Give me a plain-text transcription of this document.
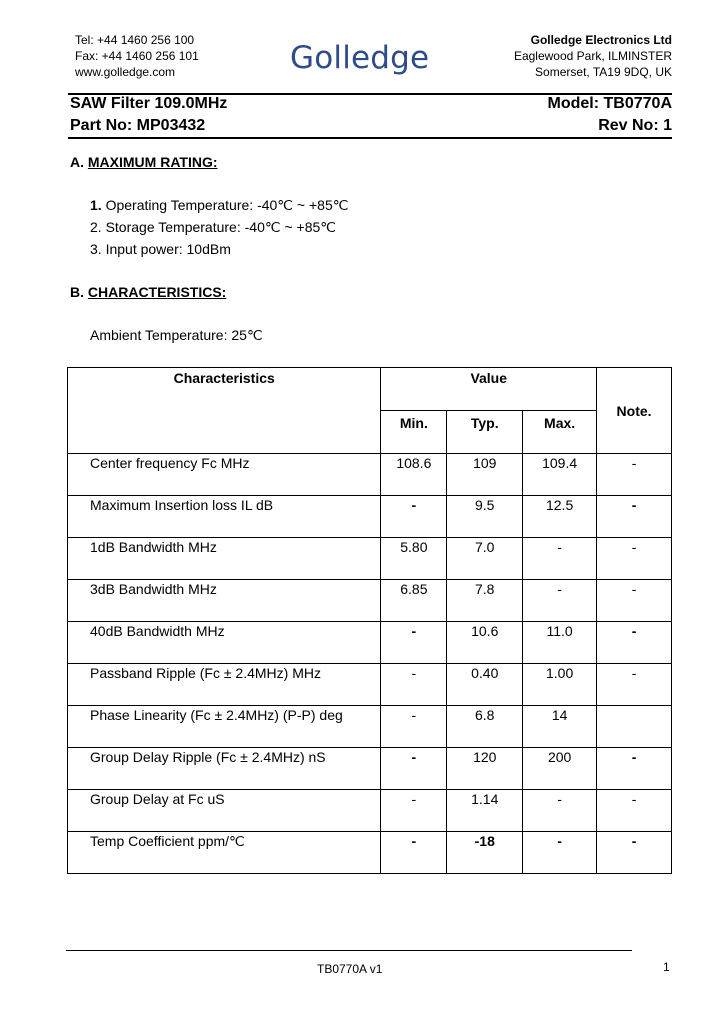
Tel: +44 1460 256 100
Fax: +44 1460 256 101
www.golledge.com	Golledge	Golledge Electronics Ltd
Eaglewood Park, ILMINSTER
Somerset, TA19 9DQ, UK
SAW Filter 109.0MHz	Model: TB0770A
Part No: MP03432	Rev No: 1
A. MAXIMUM RATING:
1. Operating Temperature: -40℃ ~ +85℃
2. Storage Temperature: -40℃ ~ +85℃
3. Input power: 10dBm
B. CHARACTERISTICS:
Ambient Temperature: 25℃
Characteristics	Value			Note.
	Min.	Typ.	Max.	
Center frequency Fc MHz	108.6	109	109.4	-
Maximum Insertion loss IL dB	-	9.5	12.5	-
1dB Bandwidth MHz	5.80	7.0	-	-
3dB Bandwidth MHz	6.85	7.8	-	-
40dB Bandwidth MHz	-	10.6	11.0	-
Passband Ripple (Fc ± 2.4MHz) MHz	-	0.40	1.00	-
Phase Linearity (Fc ± 2.4MHz) (P-P) deg	-	6.8	14	
Group Delay Ripple (Fc ± 2.4MHz) nS	-	120	200	-
Group Delay at Fc uS	-	1.14	-	-
Temp Coefficient ppm/℃	-	-18	-	-
TB0770A v1	1
